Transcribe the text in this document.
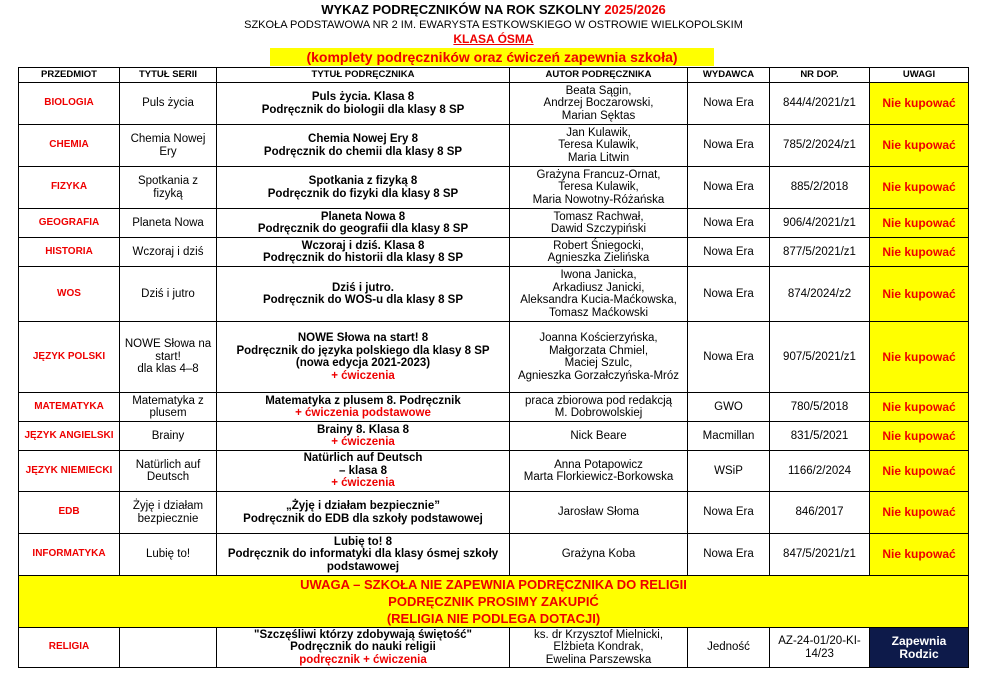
WYKAZ PODRĘCZNIKÓW NA ROK SZKOLNY 2025/2026
SZKOŁA PODSTAWOWA NR 2 IM. EWARYSTA ESTKOWSKIEGO W OSTROWIE WIELKOPOLSKIM
KLASA ÓSMA
(komplety podręczników oraz ćwiczeń zapewnia szkoła)
PRZEDMIOT	TYTUŁ SERII	TYTUŁ PODRĘCZNIKA	AUTOR PODRĘCZNIKA	WYDAWCA	NR DOP.	UWAGI
BIOLOGIA	Puls życia	Puls życia. Klasa 8
Podręcznik do biologii dla klasy 8 SP	Beata Sągin,
Andrzej Boczarowski,
Marian Sęktas	Nowa Era	844/4/2021/z1	Nie kupować
CHEMIA	Chemia Nowej Ery	Chemia Nowej Ery 8
Podręcznik do chemii dla klasy 8 SP	Jan Kulawik,
Teresa Kulawik,
Maria Litwin	Nowa Era	785/2/2024/z1	Nie kupować
FIZYKA	Spotkania z fizyką	Spotkania z fizyką 8
Podręcznik do fizyki dla klasy 8 SP	Grażyna Francuz-Ornat,
Teresa Kulawik,
Maria Nowotny-Różańska	Nowa Era	885/2/2018	Nie kupować
GEOGRAFIA	Planeta Nowa	Planeta Nowa 8
Podręcznik do geografii dla klasy 8 SP	Tomasz Rachwał,
Dawid Szczypiński	Nowa Era	906/4/2021/z1	Nie kupować
HISTORIA	Wczoraj i dziś	Wczoraj i dziś. Klasa 8
Podręcznik do historii dla klasy 8 SP	Robert Śniegocki,
Agnieszka Zielińska	Nowa Era	877/5/2021/z1	Nie kupować
WOS	Dziś i jutro	Dziś i jutro.
Podręcznik do WOS-u dla klasy 8 SP	Iwona Janicka,
Arkadiusz Janicki,
Aleksandra Kucia-Maćkowska,
Tomasz Maćkowski	Nowa Era	874/2024/z2	Nie kupować
JĘZYK POLSKI	NOWE Słowa na start!
dla klas 4–8	NOWE Słowa na start! 8
Podręcznik do języka polskiego dla klasy 8 SP
(nowa edycja 2021-2023)
+ ćwiczenia	Joanna Kościerzyńska,
Małgorzata Chmiel,
Maciej Szulc,
Agnieszka Gorzałczyńska-Mróz	Nowa Era	907/5/2021/z1	Nie kupować
MATEMATYKA	Matematyka z plusem	Matematyka z plusem 8. Podręcznik
+ ćwiczenia podstawowe	praca zbiorowa pod redakcją
M. Dobrowolskiej	GWO	780/5/2018	Nie kupować
JĘZYK ANGIELSKI	Brainy	Brainy 8. Klasa 8
+ ćwiczenia	Nick Beare	Macmillan	831/5/2021	Nie kupować
JĘZYK NIEMIECKI	Natürlich auf Deutsch	Natürlich auf Deutsch
– klasa 8
+ ćwiczenia	Anna Potapowicz
Marta Florkiewicz-Borkowska	WSiP	1166/2/2024	Nie kupować
EDB	Żyję i działam bezpiecznie	„Żyję i działam bezpiecznie”
Podręcznik do EDB dla szkoły podstawowej	Jarosław Słoma	Nowa Era	846/2017	Nie kupować
INFORMATYKA	Lubię to!	Lubię to! 8
Podręcznik do informatyki dla klasy ósmej szkoły podstawowej	Grażyna Koba	Nowa Era	847/5/2021/z1	Nie kupować
UWAGA – SZKOŁA NIE ZAPEWNIA PODRĘCZNIKA DO RELIGII
PODRĘCZNIK PROSIMY ZAKUPIĆ
(RELIGIA NIE PODLEGA DOTACJI)						
RELIGIA		"Szczęśliwi którzy zdobywają świętość"
Podręcznik do nauki religii
podręcznik + ćwiczenia	ks. dr Krzysztof Mielnicki,
Elżbieta Kondrak,
Ewelina Parszewska	Jedność	AZ-24-01/20-KI-14/23	Zapewnia Rodzic
